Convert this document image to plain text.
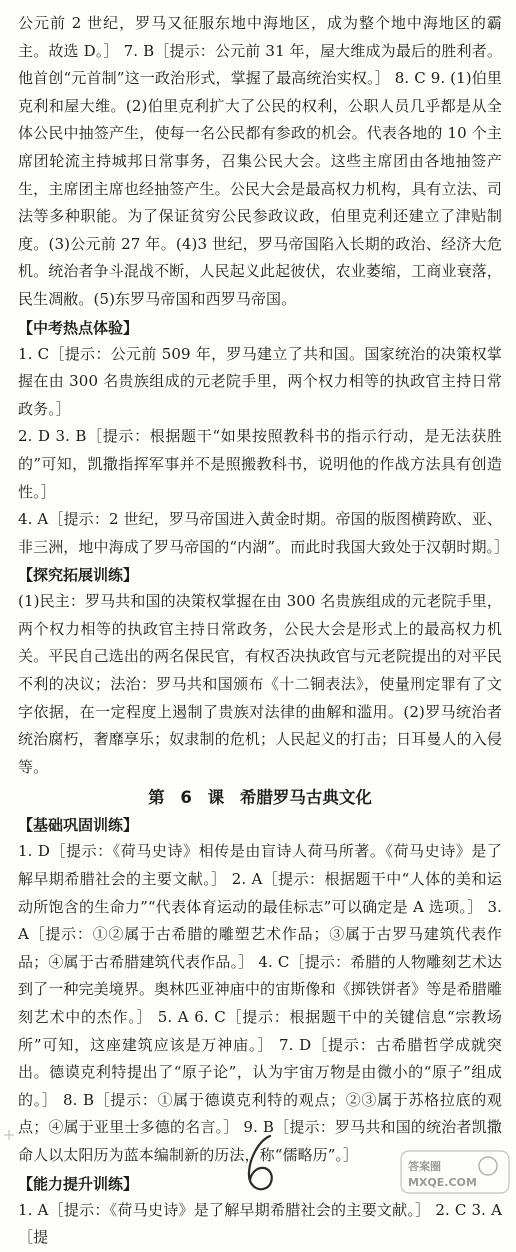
公元前 2 世纪，罗马又征服东地中海地区，成为整个地中海地区的霸主。故选 D。］ 7. B［提示：公元前 31 年，屋大维成为最后的胜利者。他首创“元首制”这一政治形式，掌握了最高统治实权。］ 8. C 9. (1)伯里克利和屋大维。(2)伯里克利扩大了公民的权利，公职人员几乎都是从全体公民中抽签产生，使每一名公民都有参政的机会。代表各地的 10 个主席团轮流主持城邦日常事务，召集公民大会。这些主席团由各地抽签产生，主席团主席也经抽签产生。公民大会是最高权力机构，具有立法、司法等多种职能。为了保证贫穷公民参政议政，伯里克利还建立了津贴制度。(3)公元前 27 年。(4)3 世纪，罗马帝国陷入长期的政治、经济大危机。统治者争斗混战不断，人民起义此起彼伏，农业萎缩，工商业衰落，民生凋敝。(5)东罗马帝国和西罗马帝国。

【中考热点体验】

1. C［提示：公元前 509 年，罗马建立了共和国。国家统治的决策权掌握在由 300 名贵族组成的元老院手里，两个权力相等的执政官主持日常政务。］

2. D 3. B［提示：根据题干“如果按照教科书的指示行动，是无法获胜的”可知，凯撒指挥军事并不是照搬教科书，说明他的作战方法具有创造性。］

4. A［提示：2 世纪，罗马帝国进入黄金时期。帝国的版图横跨欧、亚、非三洲，地中海成了罗马帝国的“内湖”。而此时我国大致处于汉朝时期。］

【探究拓展训练】

(1)民主：罗马共和国的决策权掌握在由 300 名贵族组成的元老院手里，两个权力相等的执政官主持日常政务，公民大会是形式上的最高权力机关。平民自己选出的两名保民官，有权否决执政官与元老院提出的对平民不利的决议；法治：罗马共和国颁布《十二铜表法》，使量刑定罪有了文字依据，在一定程度上遏制了贵族对法律的曲解和滥用。(2)罗马统治者统治腐朽，奢靡享乐；奴隶制的危机；人民起义的打击；日耳曼人的入侵等。

第 6 课 希腊罗马古典文化
【基础巩固训练】

1. D［提示：《荷马史诗》相传是由盲诗人荷马所著。《荷马史诗》是了解早期希腊社会的主要文献。］ 2. A［提示：根据题干中“人体的美和运动所饱含的生命力”“代表体育运动的最佳标志”可以确定是 A 选项。］ 3. A［提示：①②属于古希腊的雕塑艺术作品；③属于古罗马建筑代表作品；④属于古希腊建筑代表作品。］ 4. C［提示：希腊的人物雕刻艺术达到了一种完美境界。奥林匹亚神庙中的宙斯像和《掷铁饼者》等是希腊雕刻艺术中的杰作。］ 5. A 6. C［提示：根据题干中的关键信息“宗教场所”可知，这座建筑应该是万神庙。］ 7. D［提示：古希腊哲学成就突出。德谟克利特提出了“原子论”，认为宇宙万物是由微小的“原子”组成的。］ 8. B［提示：①属于德谟克利特的观点；②③属于苏格拉底的观点；④属于亚里士多德的名言。］ 9. B［提示：罗马共和国的统治者凯撒命人以太阳历为蓝本编制新的历法，称“儒略历”。］

【能力提升训练】

1. A［提示：《荷马史诗》是了解早期希腊社会的主要文献。］ 2. C 3. A［提

答案圈
MXQE.COM
